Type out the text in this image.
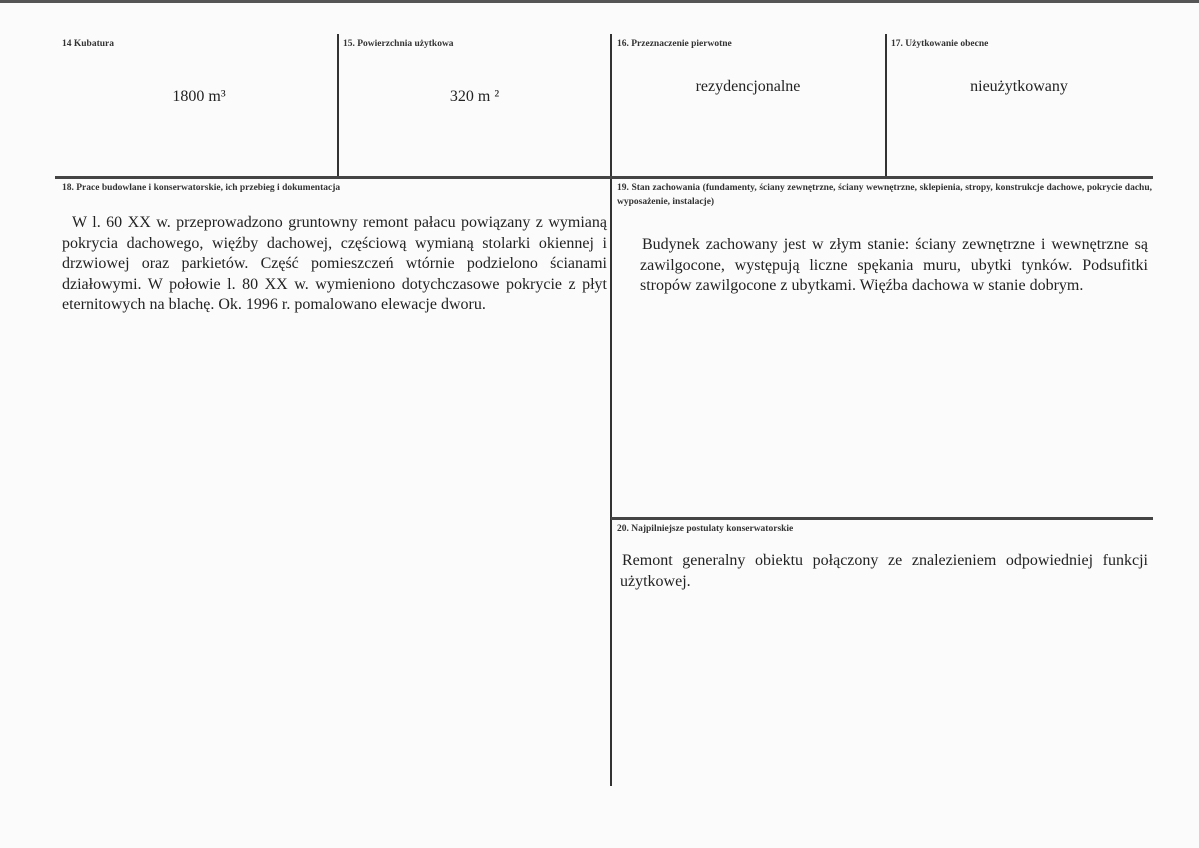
14 Kubatura
1800 m³
15. Powierzchnia użytkowa
320 m ²
16. Przeznaczenie pierwotne
rezydencjonalne
17. Użytkowanie obecne
nieużytkowany
18. Prace budowlane i konserwatorskie, ich przebieg i dokumentacja
W l. 60 XX w. przeprowadzono gruntowny remont pałacu powiązany z wymianą pokrycia dachowego, więźby dachowej, częściową wymianą stolarki okiennej i drzwiowej oraz parkietów. Część pomieszczeń wtórnie podzielono ścianami działowymi. W połowie l. 80 XX w. wymieniono dotychczasowe pokrycie z płyt eternitowych na blachę. Ok. 1996 r. pomalowano elewacje dworu.
19. Stan zachowania (fundamenty, ściany zewnętrzne, ściany wewnętrzne, sklepienia, stropy, konstrukcje dachowe, pokrycie dachu, wyposażenie, instalacje)
Budynek zachowany jest w złym stanie: ściany zewnętrzne i wewnętrzne są zawilgocone, występują liczne spękania muru, ubytki tynków. Podsufitki stropów zawilgocone z ubytkami. Więźba dachowa w stanie dobrym.
20. Najpilniejsze postulaty konserwatorskie
Remont generalny obiektu połączony ze znalezieniem odpowiedniej funkcji użytkowej.
